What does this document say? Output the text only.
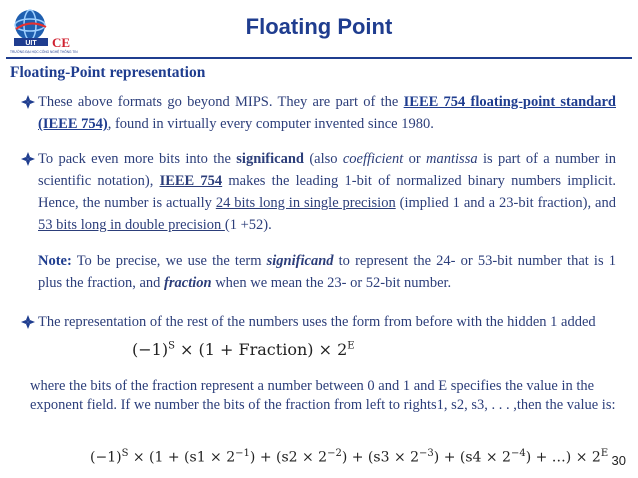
UIT
TRƯỜNG ĐẠI HỌC CÔNG NGHỆ THÔNG TIN
CE
Floating Point
Floating-Point representation
These above formats go beyond MIPS. They are part of the IEEE 754 floating-point standard (IEEE 754), found in virtually every computer invented since 1980.
To pack even more bits into the significand (also coefficient or mantissa is part of a number in scientific notation), IEEE 754 makes the leading 1-bit of normalized binary numbers implicit. Hence, the number is actually 24 bits long in single precision (implied 1 and a 23-bit fraction), and 53 bits long in double precision (1 +52).
Note: To be precise, we use the term significand to represent the 24- or 53-bit number that is 1 plus the fraction, and fraction when we mean the 23- or 52-bit number.
The representation of the rest of the numbers uses the form from before with the hidden 1 added
$(-1)^S \times (1$ + Fraction) × $2^E$
where the bits of the fraction represent a number between 0 and 1 and E specifies the value in the exponent field. If we number the bits of the fraction from left to rights1, s2, s3, . . . ,then the value is:
$(-1)^S \times (1 + (s1 \times 2^{-1}) + (s2 \times 2^{-2}) + (s3 \times 2^{-3}) + (s4 \times 2^{-4})$ + …) × $2^E$ 30
